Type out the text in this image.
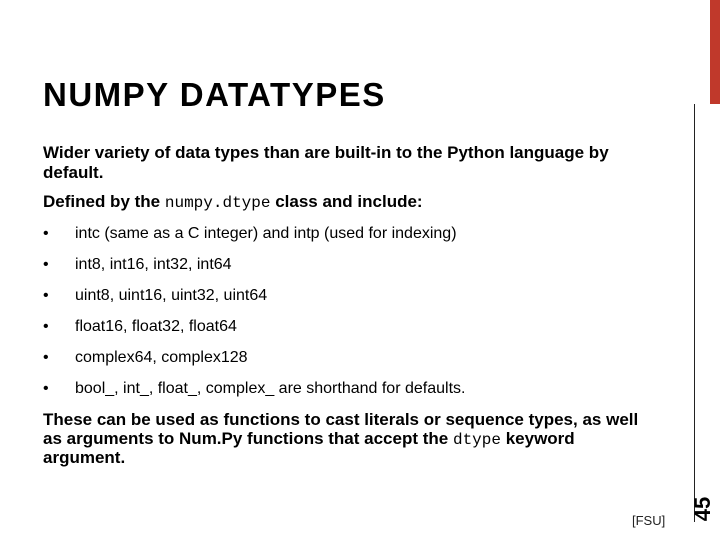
NUMPY DATATYPES
Wider variety of data types than are built-in to the Python language by default.
Defined by the numpy.dtype class and include:
•	intc (same as a C integer) and intp (used for indexing)
•	int8, int16, int32, int64
•	uint8, uint16, uint32, uint64
•	float16, float32, float64
•	complex64, complex128
•	bool_, int_, float_, complex_ are shorthand for defaults.
These can be used as functions to cast literals or sequence types, as well as arguments to Num.Py functions that accept the dtype keyword argument.
45
[FSU]
